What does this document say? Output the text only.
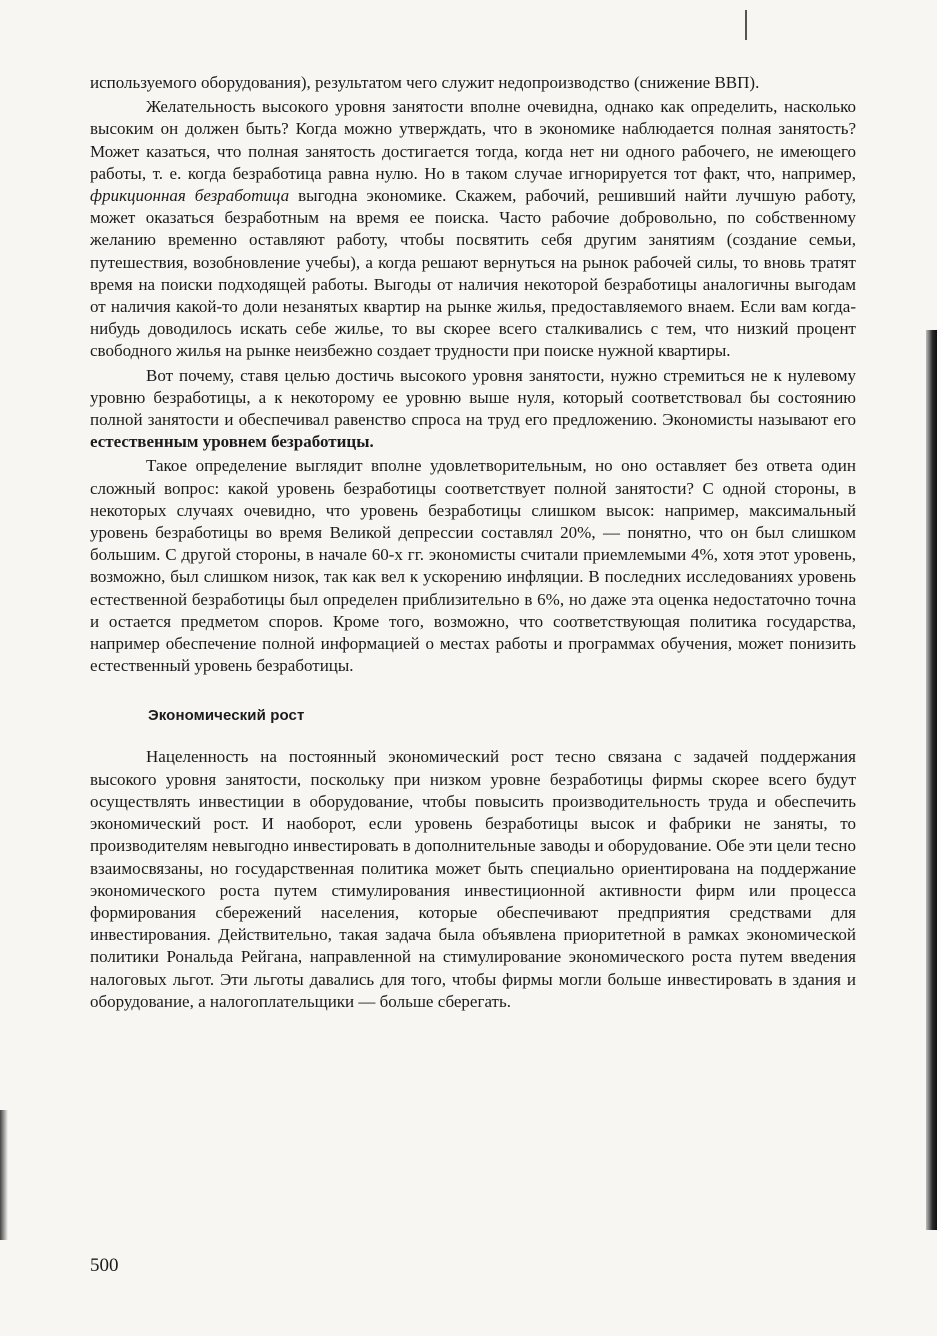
используемого оборудования), результатом чего служит недопроизводство (снижение ВВП).

Желательность высокого уровня занятости вполне очевидна, однако как определить, насколько высоким он должен быть? Когда можно утверждать, что в экономике наблюдается полная занятость? Может казаться, что полная занятость достигается тогда, когда нет ни одного рабочего, не имеющего работы, т. е. когда безработица равна нулю. Но в таком случае игнорируется тот факт, что, например, фрикционная безработица выгодна экономике. Скажем, рабочий, решивший найти лучшую работу, может оказаться безработным на время ее поиска. Часто рабочие добровольно, по собственному желанию временно оставляют работу, чтобы посвятить себя другим занятиям (создание семьи, путешествия, возобновление учебы), а когда решают вернуться на рынок рабочей силы, то вновь тратят время на поиски подходящей работы. Выгоды от наличия некоторой безработицы аналогичны выгодам от наличия какой-то доли незанятых квартир на рынке жилья, предоставляемого внаем. Если вам когда-нибудь доводилось искать себе жилье, то вы скорее всего сталкивались с тем, что низкий процент свободного жилья на рынке неизбежно создает трудности при поиске нужной квартиры.

Вот почему, ставя целью достичь высокого уровня занятости, нужно стремиться не к нулевому уровню безработицы, а к некоторому ее уровню выше нуля, который соответствовал бы состоянию полной занятости и обеспечивал равенство спроса на труд его предложению. Экономисты называют его естественным уровнем безработицы.

Такое определение выглядит вполне удовлетворительным, но оно оставляет без ответа один сложный вопрос: какой уровень безработицы соответствует полной занятости? С одной стороны, в некоторых случаях очевидно, что уровень безработицы слишком высок: например, максимальный уровень безработицы во время Великой депрессии составлял 20%, — понятно, что он был слишком большим. С другой стороны, в начале 60-х гг. экономисты считали приемлемыми 4%, хотя этот уровень, возможно, был слишком низок, так как вел к ускорению инфляции. В последних исследованиях уровень естественной безработицы был определен приблизительно в 6%, но даже эта оценка недостаточно точна и остается предметом споров. Кроме того, возможно, что соответствующая политика государства, например обеспечение полной информацией о местах работы и программах обучения, может понизить естественный уровень безработицы.

Экономический рост

Нацеленность на постоянный экономический рост тесно связана с задачей поддержания высокого уровня занятости, поскольку при низком уровне безработицы фирмы скорее всего будут осуществлять инвестиции в оборудование, чтобы повысить производительность труда и обеспечить экономический рост. И наоборот, если уровень безработицы высок и фабрики не заняты, то производителям невыгодно инвестировать в дополнительные заводы и оборудование. Обе эти цели тесно взаимосвязаны, но государственная политика может быть специально ориентирована на поддержание экономического роста путем стимулирования инвестиционной активности фирм или процесса формирования сбережений населения, которые обеспечивают предприятия средствами для инвестирования. Действительно, такая задача была объявлена приоритетной в рамках экономической политики Рональда Рейгана, направленной на стимулирование экономического роста путем введения налоговых льгот. Эти льготы давались для того, чтобы фирмы могли больше инвестировать в здания и оборудование, а налогоплательщики — больше сберегать.

500
